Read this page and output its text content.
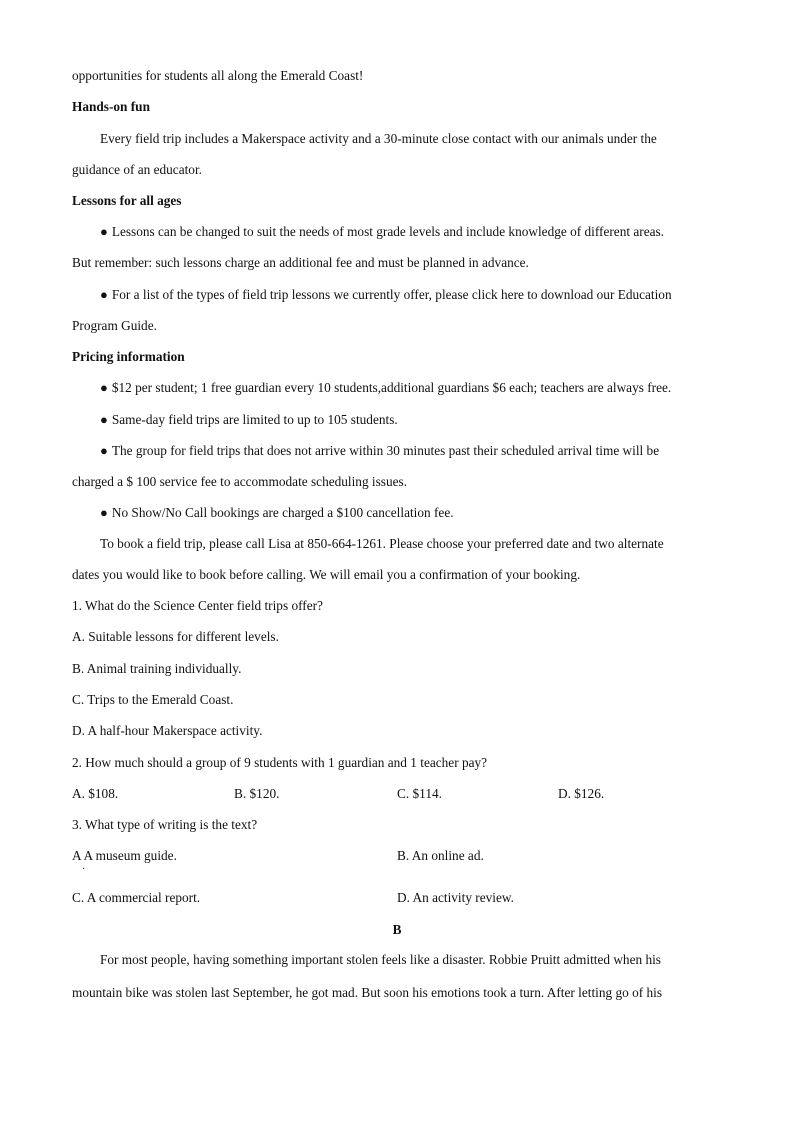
opportunities for students all along the Emerald Coast!
Hands-on fun
Every field trip includes a Makerspace activity and a 30-minute close contact with our animals under the
guidance of an educator.
Lessons for all ages
● Lessons can be changed to suit the needs of most grade levels and include knowledge of different areas.
But remember: such lessons charge an additional fee and must be planned in advance.
● For a list of the types of field trip lessons we currently offer, please click here to download our Education
Program Guide.
Pricing information
● $12 per student; 1 free guardian every 10 students,additional guardians $6 each; teachers are always free.
● Same-day field trips are limited to up to 105 students.
● The group for field trips that does not arrive within 30 minutes past their scheduled arrival time will be
charged a $ 100 service fee to accommodate scheduling issues.
● No Show/No Call bookings are charged a $100 cancellation fee.
To book a field trip, please call Lisa at 850-664-1261. Please choose your preferred date and two alternate
dates you would like to book before calling. We will email you a confirmation of your booking.
1. What do the Science Center field trips offer?
A. Suitable lessons for different levels.
B. Animal training individually.
C. Trips to the Emerald Coast.
D. A half-hour Makerspace activity.
2. How much should a group of 9 students with 1 guardian and 1 teacher pay?
A. $108.	B. $120.	C. $114.	D. $126.
3. What type of writing is the text?
A A museum guide.	B. An online ad.
·
C. A commercial report.	D. An activity review.
B
For most people, having something important stolen feels like a disaster. Robbie Pruitt admitted when his
mountain bike was stolen last September, he got mad. But soon his emotions took a turn. After letting go of his
